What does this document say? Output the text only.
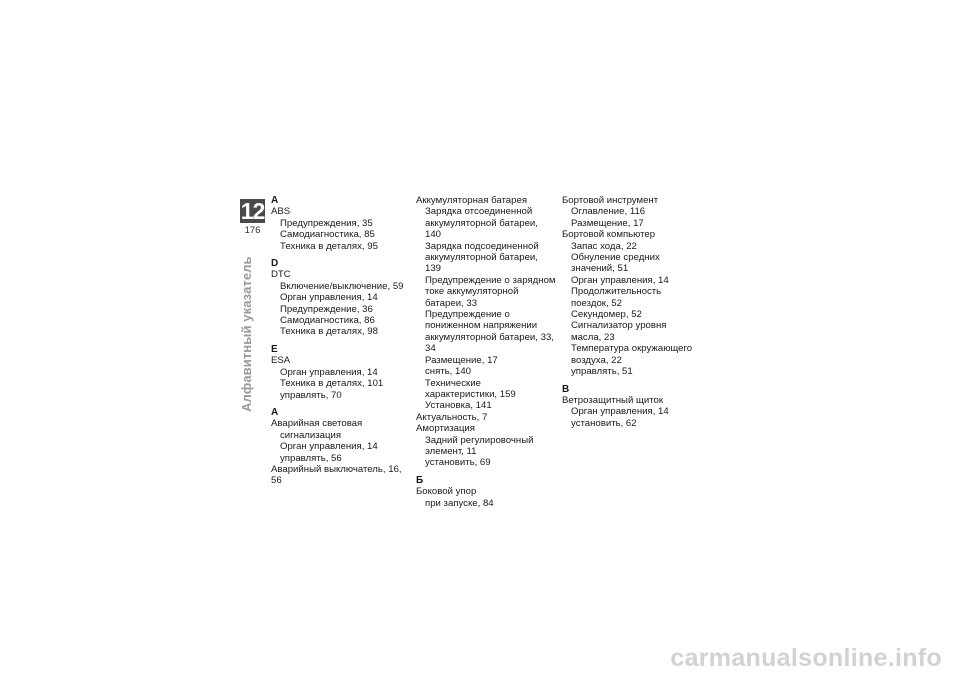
12
176
Алфавитный указатель
A
ABS
Предупреждения, 35
Самодиагностика, 85
Техника в деталях, 95
D
DTC
Включение/выключение, 59
Орган управления, 14
Предупреждение, 36
Самодиагностика, 86
Техника в деталях, 98
E
ESA
Орган управления, 14
Техника в деталях, 101
управлять, 70
А
Аварийная световая
сигнализация
Орган управления, 14
управлять, 56
Аварийный выключатель, 16, 56
Аккумуляторная батарея
Зарядка отсоединенной
аккумуляторной батареи, 140
Зарядка подсоединенной
аккумуляторной батареи, 139
Предупреждение о зарядном
токе аккумуляторной
батареи, 33
Предупреждение о
пониженном напряжении
аккумуляторной батареи, 33,
34
Размещение, 17
снять, 140
Технические
характеристики, 159
Установка, 141
Актуальность, 7
Амортизация
Задний регулировочный
элемент, 11
установить, 69
Б
Боковой упор
при запуске, 84
Бортовой инструмент
Оглавление, 116
Размещение, 17
Бортовой компьютер
Запас хода, 22
Обнуление средних
значений, 51
Орган управления, 14
Продолжительность
поездок, 52
Секундомер, 52
Сигнализатор уровня
масла, 23
Температура окружающего
воздуха, 22
управлять, 51
В
Ветрозащитный щиток
Орган управления, 14
установить, 62
carmanualsonline.info
